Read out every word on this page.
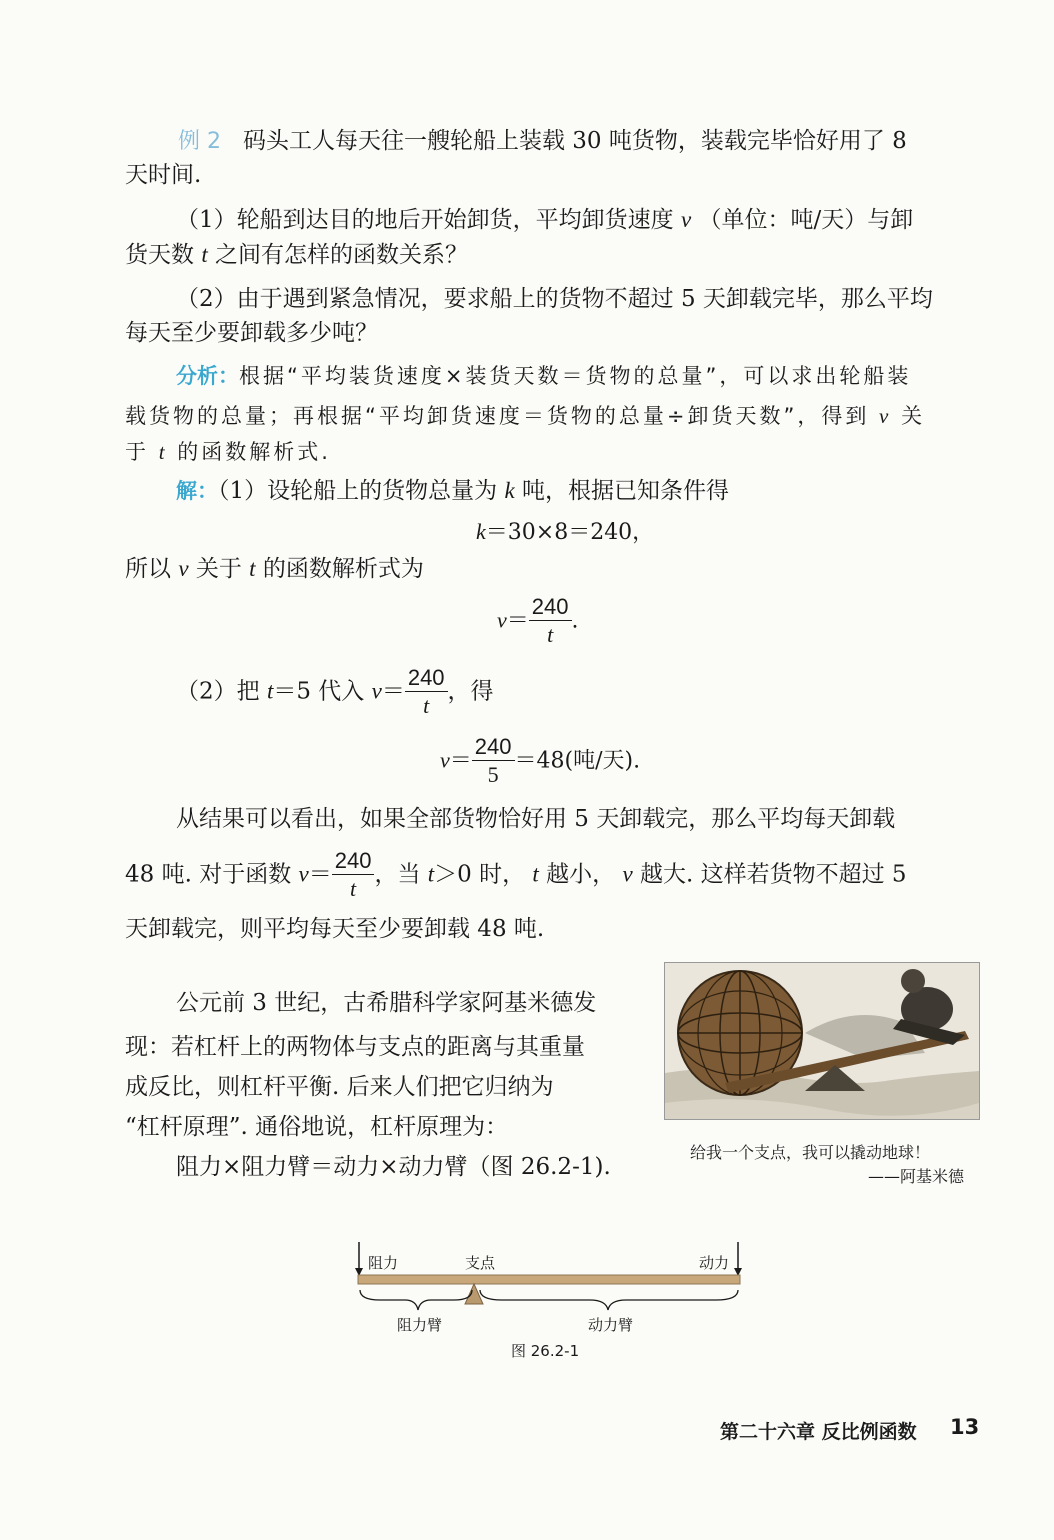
例 2 码头工人每天往一艘轮船上装载 30 吨货物，装载完毕恰好用了 8
天时间.
（1）轮船到达目的地后开始卸货，平均卸货速度 v （单位：吨/天）与卸
货天数 t 之间有怎样的函数关系？
（2）由于遇到紧急情况，要求船上的货物不超过 5 天卸载完毕，那么平均
每天至少要卸载多少吨？
分析：根据“平均装货速度×装货天数＝货物的总量”，可以求出轮船装
载货物的总量；再根据“平均卸货速度＝货物的总量÷卸货天数”，得到 v 关
于 t 的函数解析式.
解：（1）设轮船上的货物总量为 k 吨，根据已知条件得
k＝30×8＝240，
所以 v 关于 t 的函数解析式为
$v= \frac{240}{t}$ .
（2）把 t＝5 代入 $v= \frac{240}{t}$ ，得
$v= \frac{240}{5} =48$(吨/天).
从结果可以看出，如果全部货物恰好用 5 天卸载完，那么平均每天卸载
48 吨. 对于函数 $v= \frac{240}{t}$ ，当 t＞0 时， t 越小， v 越大. 这样若货物不超过 5
天卸载完，则平均每天至少要卸载 48 吨.
公元前 3 世纪，古希腊科学家阿基米德发
现：若杠杆上的两物体与支点的距离与其重量
成反比，则杠杆平衡. 后来人们把它归纳为
“杠杆原理”. 通俗地说，杠杆原理为：
阻力×阻力臂＝动力×动力臂（图 26.2-1).
给我一个支点，我可以撬动地球！
——阿基米德
阻力	支点	动力
阻力臂	动力臂
图 26.2-1
第二十六章 反比例函数 13
